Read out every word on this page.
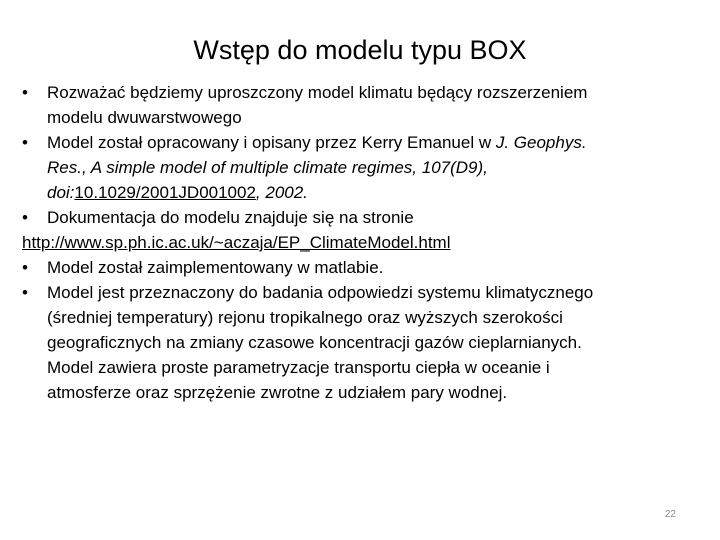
Wstęp do modelu typu BOX
• Rozważać będziemy uproszczony model klimatu będący rozszerzeniem
modelu dwuwarstwowego
• Model został opracowany i opisany przez Kerry Emanuel w J. Geophys.
Res., A simple model of multiple climate regimes, 107(D9),
doi:10.1029/2001JD001002, 2002.
• Dokumentacja do modelu znajduje się na stronie
http://www.sp.ph.ic.ac.uk/~aczaja/EP_ClimateModel.html
• Model został zaimplementowany w matlabie.
• Model jest przeznaczony do badania odpowiedzi systemu klimatycznego
(średniej temperatury) rejonu tropikalnego oraz wyższych szerokości
geograficznych na zmiany czasowe koncentracji gazów cieplarnianych.
Model zawiera proste parametryzacje transportu ciepła w oceanie i
atmosferze oraz sprzężenie zwrotne z udziałem pary wodnej.
22
